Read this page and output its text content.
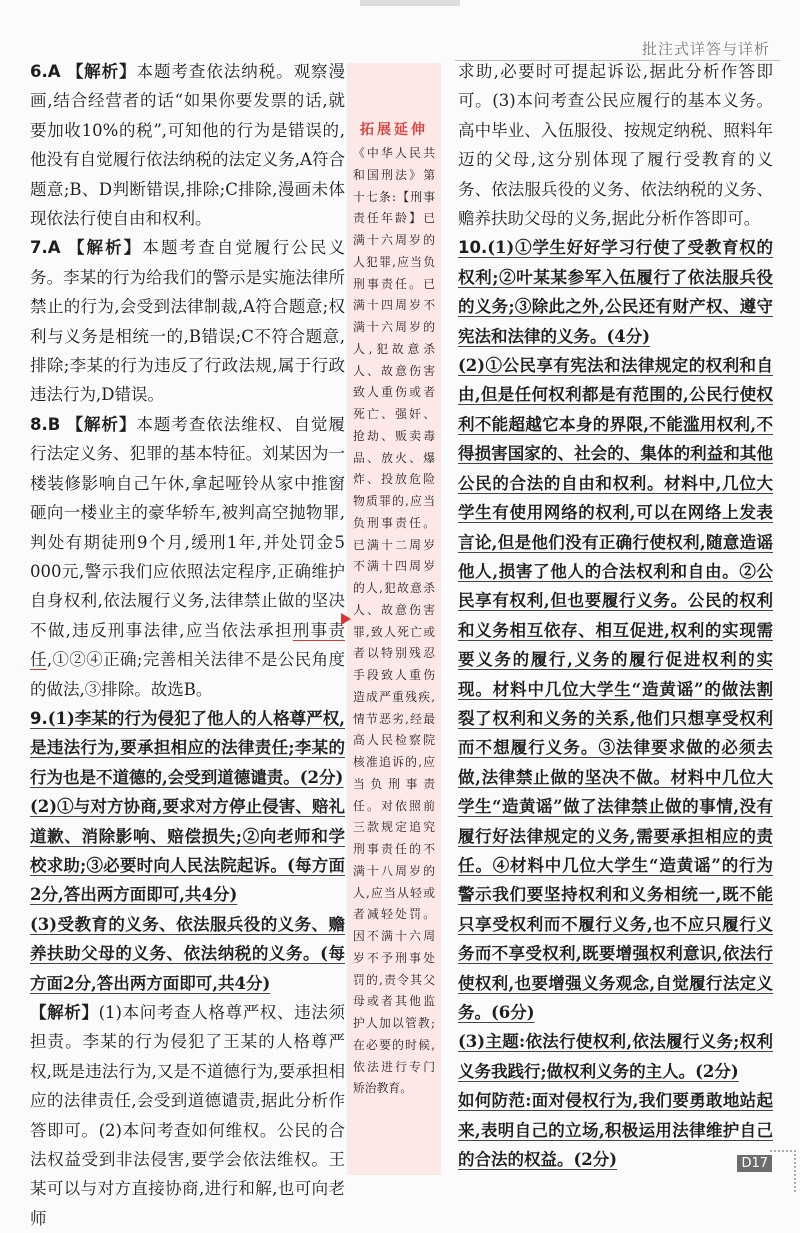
批注式详答与详析

6.A 【解析】本题考查依法纳税。观察漫画,结合经营者的话“如果你要发票的话,就要加收10%的税”,可知他的行为是错误的,他没有自觉履行依法纳税的法定义务,A符合题意;B、D判断错误,排除;C排除,漫画未体现依法行使自由和权利。

7.A 【解析】本题考查自觉履行公民义务。李某的行为给我们的警示是实施法律所禁止的行为,会受到法律制裁,A符合题意;权利与义务是相统一的,B错误;C不符合题意,排除;李某的行为违反了行政法规,属于行政违法行为,D错误。

8.B 【解析】本题考查依法维权、自觉履行法定义务、犯罪的基本特征。刘某因为一楼装修影响自己午休,拿起哑铃从家中推窗砸向一楼业主的豪华轿车,被判高空抛物罪,判处有期徒刑9个月,缓刑1年,并处罚金5 000元,警示我们应依照法定程序,正确维护自身权利,依法履行义务,法律禁止做的坚决不做,违反刑事法律,应当依法承担刑事责任,①②④正确;完善相关法律不是公民角度的做法,③排除。故选B。

9.(1)李某的行为侵犯了他人的人格尊严权,是违法行为,要承担相应的法律责任;李某的行为也是不道德的,会受到道德谴责。(2分)

(2)①与对方协商,要求对方停止侵害、赔礼道歉、消除影响、赔偿损失;②向老师和学校求助;③必要时向人民法院起诉。(每方面2分,答出两方面即可,共4分)

(3)受教育的义务、依法服兵役的义务、赡养扶助父母的义务、依法纳税的义务。(每方面2分,答出两方面即可,共4分)

【解析】(1)本问考查人格尊严权、违法须担责。李某的行为侵犯了王某的人格尊严权,既是违法行为,又是不道德行为,要承担相应的法律责任,会受到道德谴责,据此分析作答即可。(2)本问考查如何维权。公民的合法权益受到非法侵害,要学会依法维权。王某可以与对方直接协商,进行和解,也可向老师

拓展延伸
《中华人民共和国刑法》第十七条:【刑事责任年龄】已满十六周岁的人犯罪,应当负刑事责任。已满十四周岁不满十六周岁的人,犯故意杀人、故意伤害致人重伤或者死亡、强奸、抢劫、贩卖毒品、放火、爆炸、投放危险物质罪的,应当负刑事责任。已满十二周岁不满十四周岁的人,犯故意杀人、故意伤害罪,致人死亡或者以特别残忍手段致人重伤造成严重残疾,情节恶劣,经最高人民检察院核准追诉的,应当负刑事责任。对依照前三款规定追究刑事责任的不满十八周岁的人,应当从轻或者减轻处罚。因不满十六周岁不予刑事处罚的,责令其父母或者其他监护人加以管教;在必要的时候,依法进行专门矫治教育。

求助,必要时可提起诉讼,据此分析作答即可。(3)本问考查公民应履行的基本义务。高中毕业、入伍服役、按规定纳税、照料年迈的父母,这分别体现了履行受教育的义务、依法服兵役的义务、依法纳税的义务、赡养扶助父母的义务,据此分析作答即可。

10.(1)①学生好好学习行使了受教育权的权利;②叶某某参军入伍履行了依法服兵役的义务;③除此之外,公民还有财产权、遵守宪法和法律的义务。(4分)

(2)①公民享有宪法和法律规定的权利和自由,但是任何权利都是有范围的,公民行使权利不能超越它本身的界限,不能滥用权利,不得损害国家的、社会的、集体的利益和其他公民的合法的自由和权利。材料中,几位大学生有使用网络的权利,可以在网络上发表言论,但是他们没有正确行使权利,随意造谣他人,损害了他人的合法权利和自由。②公民享有权利,但也要履行义务。公民的权利和义务相互依存、相互促进,权利的实现需要义务的履行,义务的履行促进权利的实现。材料中几位大学生“造黄谣”的做法割裂了权利和义务的关系,他们只想享受权利而不想履行义务。③法律要求做的必须去做,法律禁止做的坚决不做。材料中几位大学生“造黄谣”做了法律禁止做的事情,没有履行好法律规定的义务,需要承担相应的责任。④材料中几位大学生“造黄谣”的行为警示我们要坚持权利和义务相统一,既不能只享受权利而不履行义务,也不应只履行义务而不享受权利,既要增强权利意识,依法行使权利,也要增强义务观念,自觉履行法定义务。(6分)

(3)主题:依法行使权利,依法履行义务;权利义务我践行;做权利义务的主人。(2分)

如何防范:面对侵权行为,我们要勇敢地站起来,表明自己的立场,积极运用法律维护自己的合法的权益。(2分)	D17
